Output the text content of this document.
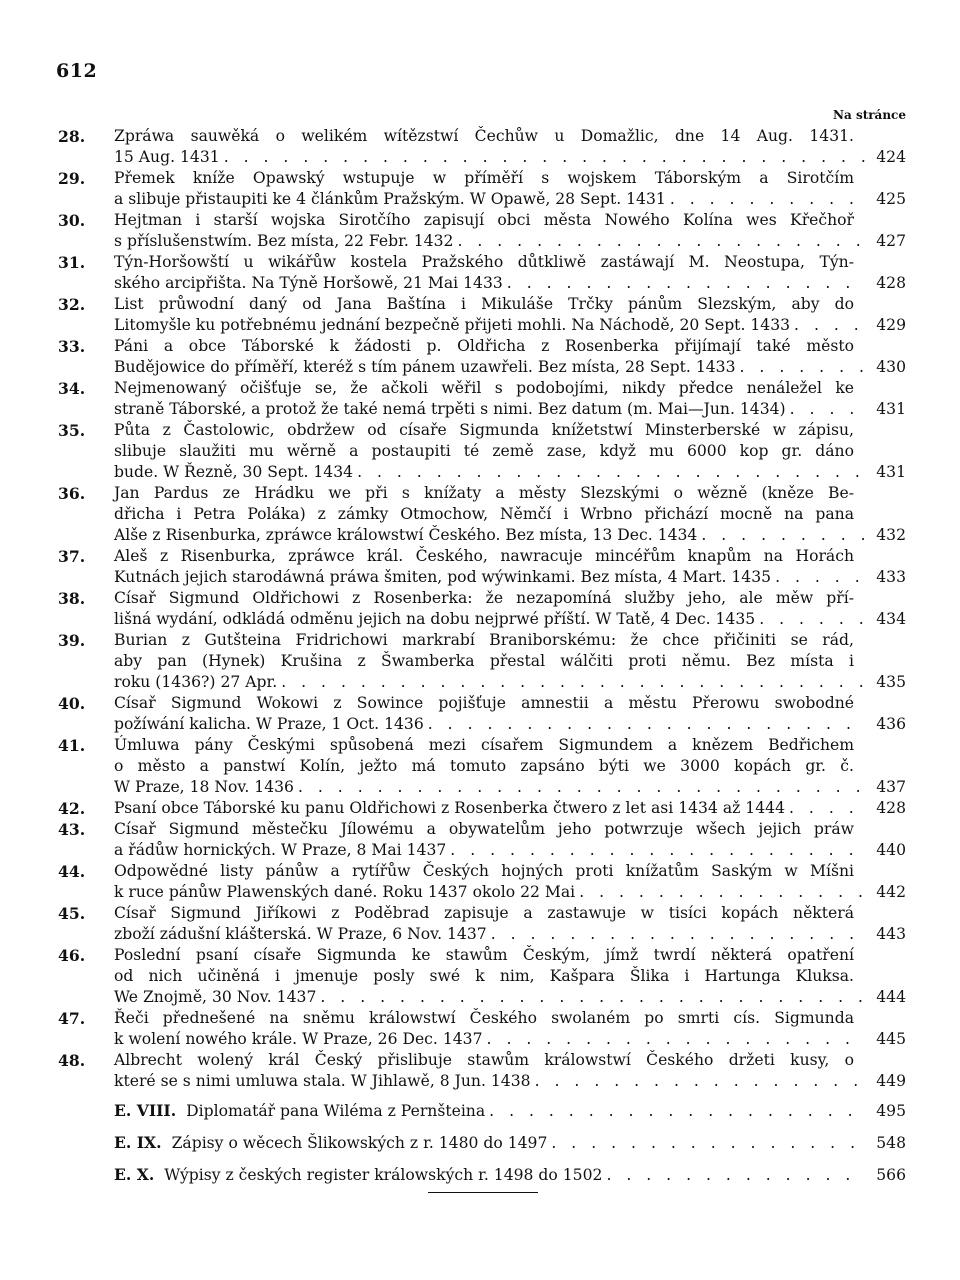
612
Na stránce
28. Zpráwa sauwěká o welikém wítězstwí Čechůw u Domažlic, dne 14 Aug. 1431.
15 Aug. 1431 . . .	424
29. Přemek kníže Opawský wstupuje w příměří s wojskem Táborským a Sirotčím
a slibuje přistaupiti ke 4 článkům Pražským. W Opawě, 28 Sept. 1431 . . .	425
30. Hejtman i starší wojska Sirotčího zapisují obci města Nowého Kolína wes Křečhoř
s příslušenstwím. Bez místa, 22 Febr. 1432 . . .	427
31. Týn-Horšowští u wikářůw kostela Pražského důtkliwě zastáwají M. Neostupa, Týn-
ského arcipřišta. Na Týně Horšowě, 21 Mai 1433 . . .	428
32. List průwodní daný od Jana Baštína i Mikuláše Trčky pánům Slezským, aby do
Litomyšle ku potřebnému jednání bezpečně přijeti mohli. Na Náchodě, 20 Sept. 1433 . . .	429
33. Páni a obce Táborské k žádosti p. Oldřicha z Rosenberka přijímají také město
Budějowice do příměří, kteréž s tím pánem uzawřeli. Bez místa, 28 Sept. 1433 . . .	430
34. Nejmenowaný očišťuje se, že ačkoli wěřil s podobojími, nikdy předce nenáležel ke
straně Táborské, a protož že také nemá trpěti s nimi. Bez datum (m. Mai—Jun. 1434) . . .	431
35. Půta z Častolowic, obdržew od císaře Sigmunda knížetstwí Minsterberské w zápisu,
slibuje slaužiti mu wěrně a postaupiti té země zase, když mu 6000 kop gr. dáno
bude. W Řezně, 30 Sept. 1434 . . .	431
36. Jan Pardus ze Hrádku we při s knížaty a městy Slezskými o wězně (kněze Be-
dřicha i Petra Poláka) z zámky Otmochow, Němčí i Wrbno přichází mocně na pana
Alše z Risenburka, zpráwce králowstwí Českého. Bez místa, 13 Dec. 1434 . . .	432
37. Aleš z Risenburka, zpráwce král. Českého, nawracuje mincéřům knapům na Horách
Kutnách jejich starodáwná práwa šmiten, pod wýwinkami. Bez místa, 4 Mart. 1435 . . .	433
38. Císař Sigmund Oldřichowi z Rosenberka: že nezapomíná služby jeho, ale měw pří-
lišná wydání, odkládá odměnu jejich na dobu nejprwé příští. W Tatě, 4 Dec. 1435 . . .	434
39. Burian z Gutšteina Fridrichowi markrabí Braniborskému: že chce přičiniti se rád,
aby pan (Hynek) Krušina z Šwamberka přestal wálčiti proti němu. Bez místa i
roku (1436?) 27 Apr. . . .	435
40. Císař Sigmund Wokowi z Sowince pojišťuje amnestii a městu Přerowu swobodné
požíwání kalicha. W Praze, 1 Oct. 1436 . . .	436
41. Úmluwa pány Českými spůsobená mezi císařem Sigmundem a knězem Bedřichem
o město a panstwí Kolín, ježto má tomuto zapsáno býti we 3000 kopách gr. č.
W Praze, 18 Nov. 1436 . . .	437
42. Psaní obce Táborské ku panu Oldřichowi z Rosenberka čtwero z let asi 1434 až 1444 . . .	428
43. Císař Sigmund městečku Jílowému a obywatelům jeho potwrzuje wšech jejich práw
a řádůw hornických. W Praze, 8 Mai 1437 . . .	440
44. Odpowědné listy pánůw a rytířůw Českých hojných proti knížatům Saským w Míšni
k ruce pánůw Plawenských dané. Roku 1437 okolo 22 Mai . . .	442
45. Císař Sigmund Jiříkowi z Poděbrad zapisuje a zastawuje w tisíci kopách některá
zboží zádušní klášterská. W Praze, 6 Nov. 1437 . . .	443
46. Poslední psaní císaře Sigmunda ke stawům Českým, jímž twrdí některá opatření
od nich učiněná i jmenuje posly swé k nim, Kašpara Šlika i Hartunga Kluksa.
We Znojmě, 30 Nov. 1437 . . .	444
47. Řeči přednešené na sněmu králowstwí Českého swolaném po smrti cís. Sigmunda
k wolení nowého krále. W Praze, 26 Dec. 1437 . . .	445
48. Albrecht wolený král Český přislibuje stawům králowstwí Českého držeti kusy, o
které se s nimi umluwa stala. W Jihlawě, 8 Jun. 1438 . . .	449
E. VIII. Diplomatář pana Wiléma z Pernšteina . . .	495
E. IX. Zápisy o wěcech Šlikowských z r. 1480 do 1497 . . .	548
E. X. Wýpisy z českých register králowských r. 1498 do 1502 . . .	566
